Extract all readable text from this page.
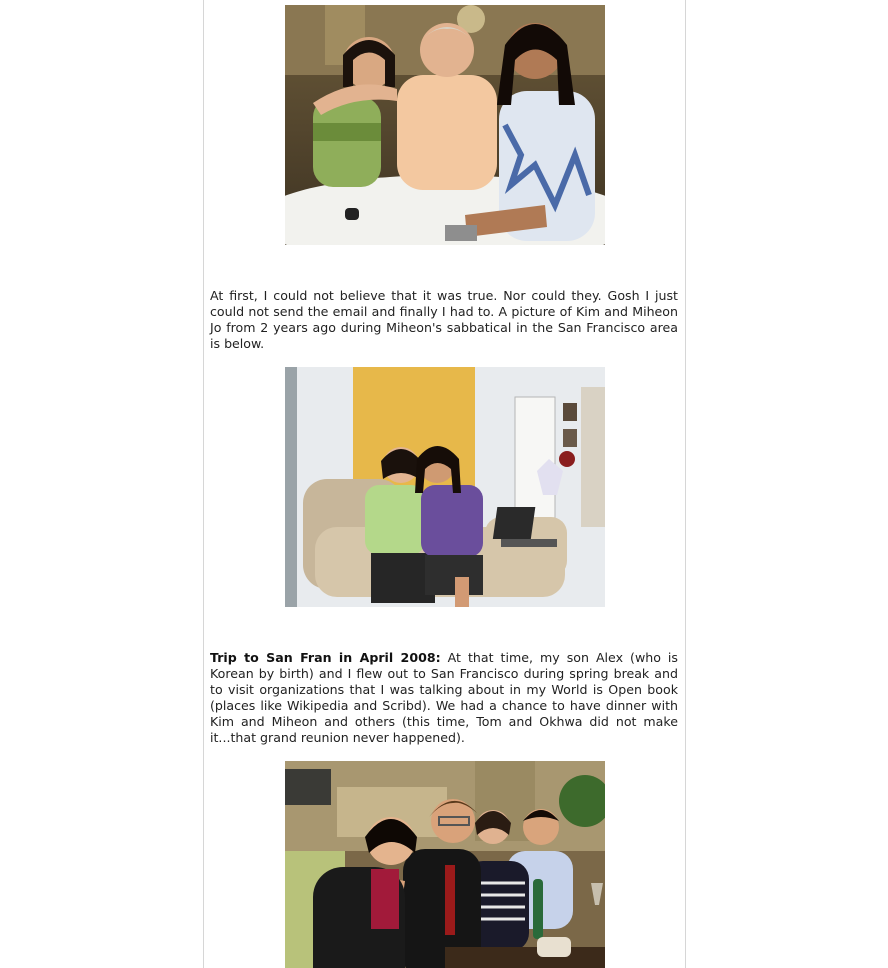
At first, I could not believe that it was true. Nor could they. Gosh I just could not send the email and finally I had to. A picture of Kim and Miheon Jo from 2 years ago during Miheon's sabbatical in the San Francisco area is below.
Trip to San Fran in April 2008: At that time, my son Alex (who is Korean by birth) and I flew out to San Francisco during spring break and to visit organizations that I was talking about in my World is Open book (places like Wikipedia and Scribd). We had a chance to have dinner with Kim and Miheon and others (this time, Tom and Okhwa did not make it...that grand reunion never happened).
